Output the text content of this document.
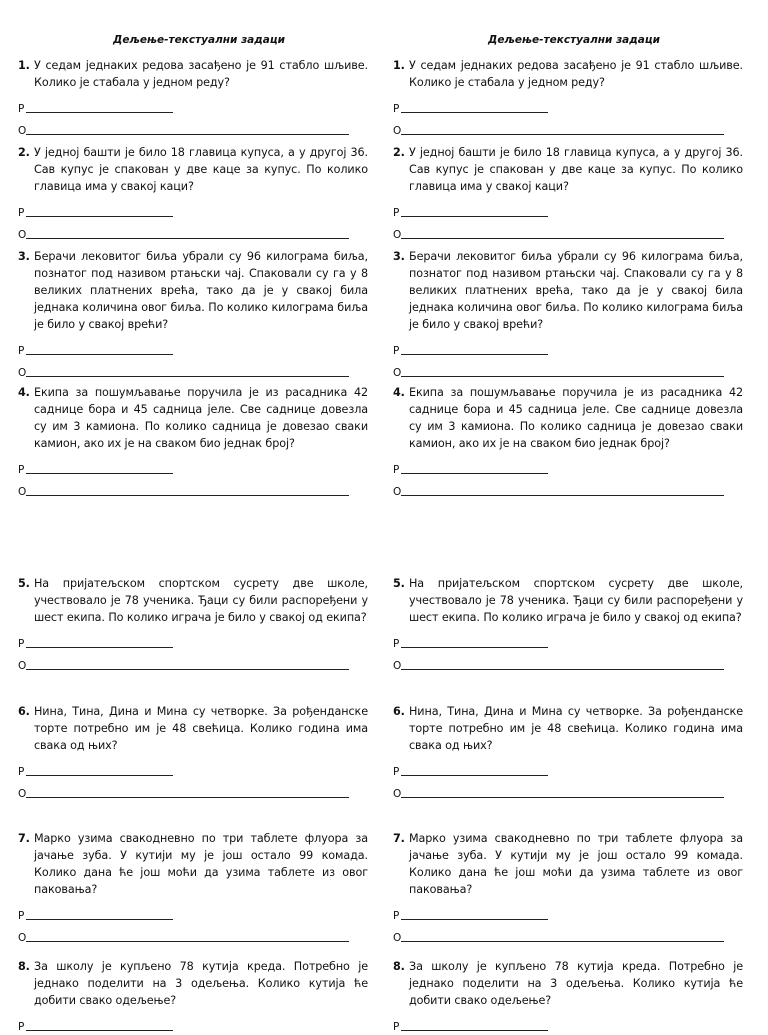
Дељење-текстуални задаци
1. У седам једнаких редова засађено је 91 стабло шљиве. Колико је стабала у једном реду?
Р
О
2. У једној башти је било 18 главица купуса, а у другој 36. Сав купус је спакован у две каце за купус. По колико главица има у свакој каци?
Р
О
3. Берачи лековитог биља убрали су 96 килограма биља, познатог под називом ртањски чај. Спаковали су га у 8 великих платнених врећа, тако да је у свакој била једнака количина овог биља. По колико килограма биља је било у свакој врећи?
Р
О
4. Екипа за пошумљавање поручила је из расадника 42 саднице бора и 45 садница јеле. Све саднице довезла су им 3 камиона. По колико садница је довезао сваки камион, ако их је на сваком био једнак број?
Р
О
5. На пријатељском спортском сусрету две школе, учествовало је 78 ученика. Ђаци су били распоређени у шест екипа. По колико играча је било у свакој од екипа?
Р
О
6. Нина, Тина, Дина и Мина су четворке. За рођенданске торте потребно им је 48 свећица. Колико година има свака од њих?
Р
О
7. Марко узима свакодневно по три таблете флуора за јачање зуба. У кутији му је још остало 99 комада. Колико дана ће још моћи да узима таблете из овог паковања?
Р
О
8. За школу је купљено 78 кутија креда. Потребно је једнако поделити на 3 одељења. Колико кутија ће добити свако одељење?
Р
Дељење-текстуални задаци
1. У седам једнаких редова засађено је 91 стабло шљиве. Колико је стабала у једном реду?
Р
О
2. У једној башти је било 18 главица купуса, а у другој 36. Сав купус је спакован у две каце за купус. По колико главица има у свакој каци?
Р
О
3. Берачи лековитог биља убрали су 96 килограма биља, познатог под називом ртањски чај. Спаковали су га у 8 великих платнених врећа, тако да је у свакој била једнака количина овог биља. По колико килограма биља је било у свакој врећи?
Р
О
4. Екипа за пошумљавање поручила је из расадника 42 саднице бора и 45 садница јеле. Све саднице довезла су им 3 камиона. По колико садница је довезао сваки камион, ако их је на сваком био једнак број?
Р
О
5. На пријатељском спортском сусрету две школе, учествовало је 78 ученика. Ђаци су били распоређени у шест екипа. По колико играча је било у свакој од екипа?
Р
О
6. Нина, Тина, Дина и Мина су четворке. За рођенданске торте потребно им је 48 свећица. Колико година има свака од њих?
Р
О
7. Марко узима свакодневно по три таблете флуора за јачање зуба. У кутији му је још остало 99 комада. Колико дана ће још моћи да узима таблете из овог паковања?
Р
О
8. За школу је купљено 78 кутија креда. Потребно је једнако поделити на 3 одељења. Колико кутија ће добити свако одељење?
Р
